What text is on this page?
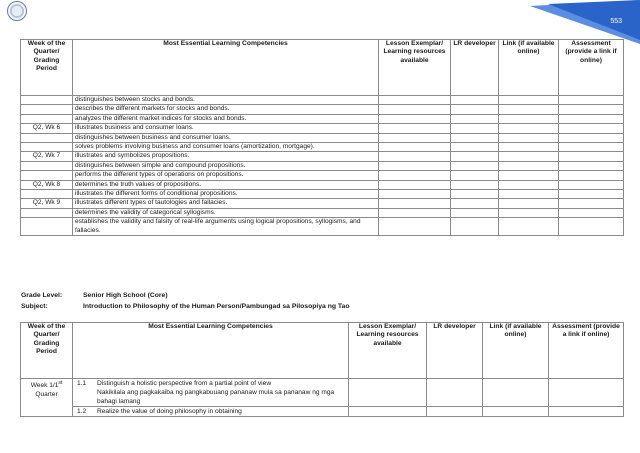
553
Week of the Quarter/ Grading Period	Most Essential Learning Competencies	Lesson Exemplar/ Learning resources available	LR developer	Link (if available online)	Assessment (provide a link if online)
	distinguishes between stocks and bonds.				
	describes the different markets for stocks and bonds.				
	analyzes the different market indices for stocks and bonds.				
Q2, Wk 6	illustrates business and consumer loans.				
	distinguishes between business and consumer loans.				
	solves problems involving business and consumer loans (amortization, mortgage).				
Q2, Wk 7	illustrates and symbolizes propositions.				
	distinguishes between simple and compound propositions.				
	performs the different types of operations on propositions.				
Q2, Wk 8	determines the truth values of propositions.				
	illustrates the different forms of conditional propositions.				
Q2, Wk 9	illustrates different types of tautologies and fallacies.				
	determines the validity of categorical syllogisms.				
	establishes the validity and falsity of real-life arguments using logical propositions, syllogisms, and fallacies.				
Grade Level:	Senior High School (Core)
Subject:	Introduction to Philosophy of the Human Person/Pambungad sa Pilosopiya ng Tao
Week of the Quarter/ Grading Period	Most Essential Learning Competencies	Lesson Exemplar/ Learning resources available	LR developer	Link (if available online)	Assessment (provide a link if online)
Week 1/1st
Quarter	1.1 Distinguish a holistic perspective from a partial point of view

Nakikilala ang pagkakaiba ng pangkabuuang pananaw mula sa pananaw ng mga bahagi lamang				

	1.2 Realize the value of doing philosophy in obtaining				
